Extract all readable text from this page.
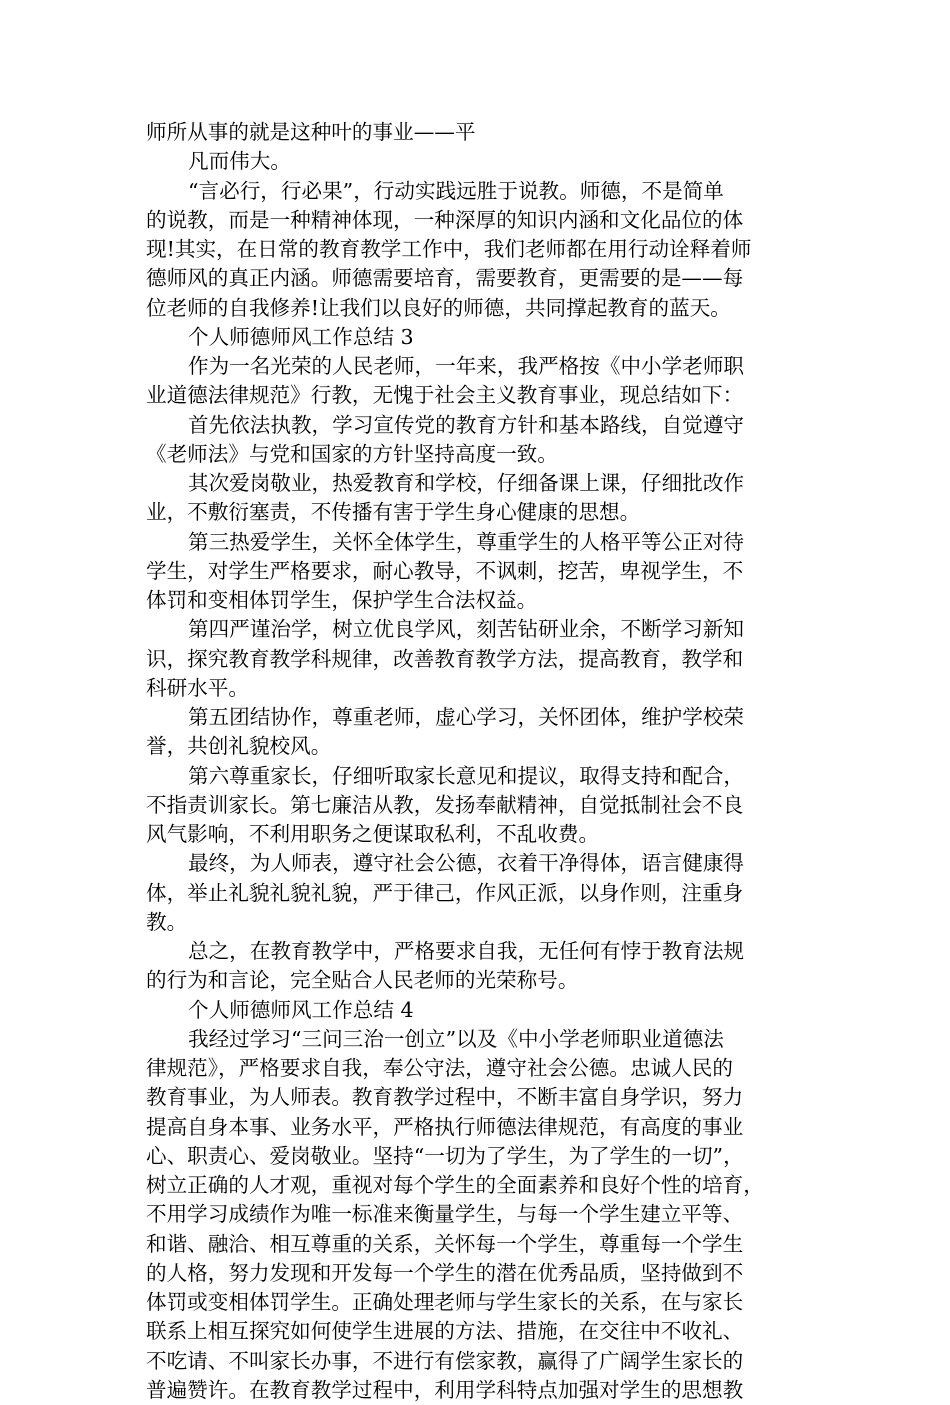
师所从事的就是这种叶的事业——平
凡而伟大。
“言必行，行必果”，行动实践远胜于说教。师德，不是简单
的说教，而是一种精神体现，一种深厚的知识内涵和文化品位的体
现!其实，在日常的教育教学工作中，我们老师都在用行动诠释着师
德师风的真正内涵。师德需要培育，需要教育，更需要的是——每
位老师的自我修养!让我们以良好的师德，共同撑起教育的蓝天。
个人师德师风工作总结 3
作为一名光荣的人民老师，一年来，我严格按《中小学老师职
业道德法律规范》行教，无愧于社会主义教育事业，现总结如下：
首先依法执教，学习宣传党的教育方针和基本路线，自觉遵守
《老师法》与党和国家的方针坚持高度一致。
其次爱岗敬业，热爱教育和学校，仔细备课上课，仔细批改作
业，不敷衍塞责，不传播有害于学生身心健康的思想。
第三热爱学生，关怀全体学生，尊重学生的人格平等公正对待
学生，对学生严格要求，耐心教导，不讽刺，挖苦，卑视学生，不
体罚和变相体罚学生，保护学生合法权益。
第四严谨治学，树立优良学风，刻苦钻研业余，不断学习新知
识，探究教育教学科规律，改善教育教学方法，提高教育，教学和
科研水平。
第五团结协作，尊重老师，虚心学习，关怀团体，维护学校荣
誉，共创礼貌校风。
第六尊重家长，仔细听取家长意见和提议，取得支持和配合，
不指责训家长。第七廉洁从教，发扬奉献精神，自觉抵制社会不良
风气影响，不利用职务之便谋取私利，不乱收费。
最终，为人师表，遵守社会公德，衣着干净得体，语言健康得
体，举止礼貌礼貌礼貌，严于律己，作风正派，以身作则，注重身
教。
总之，在教育教学中，严格要求自我，无任何有悖于教育法规
的行为和言论，完全贴合人民老师的光荣称号。
个人师德师风工作总结 4
我经过学习“三问三治一创立”以及《中小学老师职业道德法
律规范》，严格要求自我，奉公守法，遵守社会公德。忠诚人民的
教育事业，为人师表。教育教学过程中，不断丰富自身学识，努力
提高自身本事、业务水平，严格执行师德法律规范，有高度的事业
心、职责心、爱岗敬业。坚持“一切为了学生，为了学生的一切”，
树立正确的人才观，重视对每个学生的全面素养和良好个性的培育，
不用学习成绩作为唯一标准来衡量学生，与每一个学生建立平等、
和谐、融洽、相互尊重的关系，关怀每一个学生，尊重每一个学生
的人格，努力发现和开发每一个学生的潜在优秀品质，坚持做到不
体罚或变相体罚学生。正确处理老师与学生家长的关系，在与家长
联系上相互探究如何使学生进展的方法、措施，在交往中不收礼、
不吃请、不叫家长办事，不进行有偿家教，赢得了广阔学生家长的
普遍赞许。在教育教学过程中，利用学科特点加强对学生的思想教
